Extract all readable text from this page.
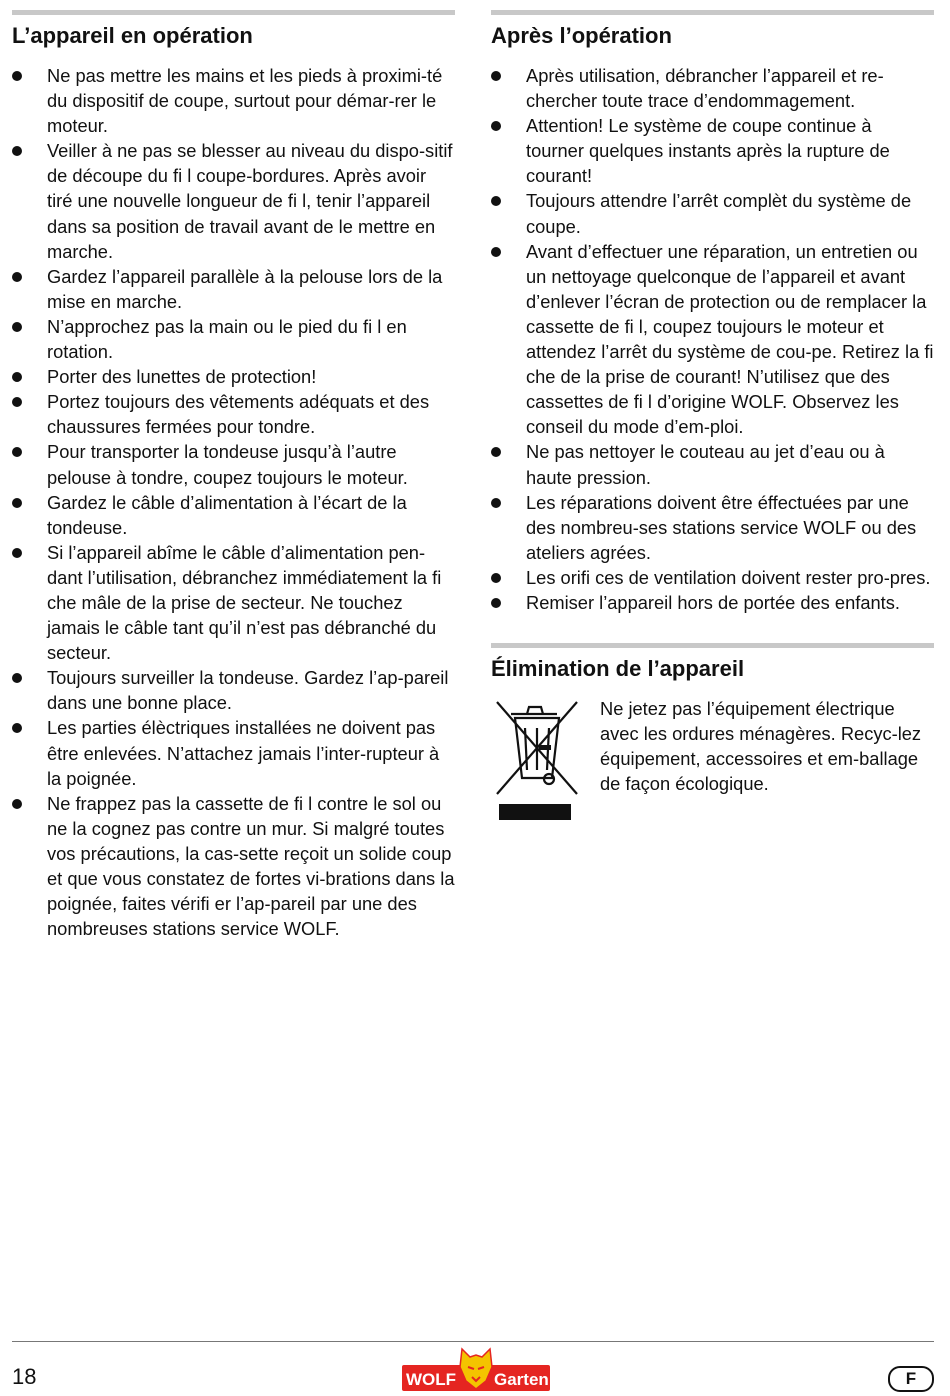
L’appareil en opération
Ne pas mettre les mains et les pieds à proximi-té du dispositif de coupe, surtout pour démar-rer le moteur.
Veiller à ne pas se blesser au niveau du dispo-sitif de découpe du fi l coupe-bordures. Après avoir tiré une nouvelle longueur de fi l, tenir l’appareil dans sa position de travail avant de le mettre en marche.
Gardez l’appareil parallèle à la pelouse lors de la mise en marche.
N’approchez pas la main ou le pied du fi l en rotation.
Porter des lunettes de protection!
Portez toujours des vêtements adéquats et des chaussures fermées pour tondre.
Pour transporter la tondeuse jusqu’à l’autre pelouse à tondre, coupez toujours le moteur.
Gardez le câble d’alimentation à l’écart de la tondeuse.
Si l’appareil abîme le câble d’alimentation pen-dant l’utilisation, débranchez immédiatement la fi che mâle de la prise de secteur. Ne touchez jamais le câble tant qu’il n’est pas débranché du secteur.
Toujours surveiller la tondeuse. Gardez l’ap-pareil dans une bonne place.
Les parties élèctriques installées ne doivent pas être enlevées. N’attachez jamais l’inter-rupteur à la poignée.
Ne frappez pas la cassette de fi l contre le sol ou ne la cognez pas contre un mur. Si malgré toutes vos précautions, la cas-sette reçoit un solide coup et que vous constatez de fortes vi-brations dans la poignée, faites vérifi er l’ap-pareil par une des nombreuses stations service WOLF.
Après l’opération
Après utilisation, débrancher l’appareil et re-chercher toute trace d’endommagement.
Attention! Le système de coupe continue à tourner quelques instants après la rupture de courant!
Toujours attendre l’arrêt complèt du système de coupe.
Avant d’effectuer une réparation, un entretien ou un nettoyage quelconque de l’appareil et avant d’enlever l’écran de protection ou de remplacer la cassette de fi l, coupez toujours le moteur et attendez l’arrêt du système de cou-pe. Retirez la fi che de la prise de courant! N’utilisez que des cassettes de fi l d’origine WOLF. Observez les conseil du mode d’em-ploi.
Ne pas nettoyer le couteau au jet d’eau ou à haute pression.
Les réparations doivent être éffectuées par une des nombreu-ses stations service WOLF ou des ateliers agrées.
Les orifi ces de ventilation doivent rester pro-pres.
Remiser l’appareil hors de portée des enfants.
Élimination de l’appareil
Ne jetez pas l’équipement électrique avec les ordures ménagères. Recyc-lez équipement, accessoires et em-ballage de façon écologique.
18	WOLF Garten	F
